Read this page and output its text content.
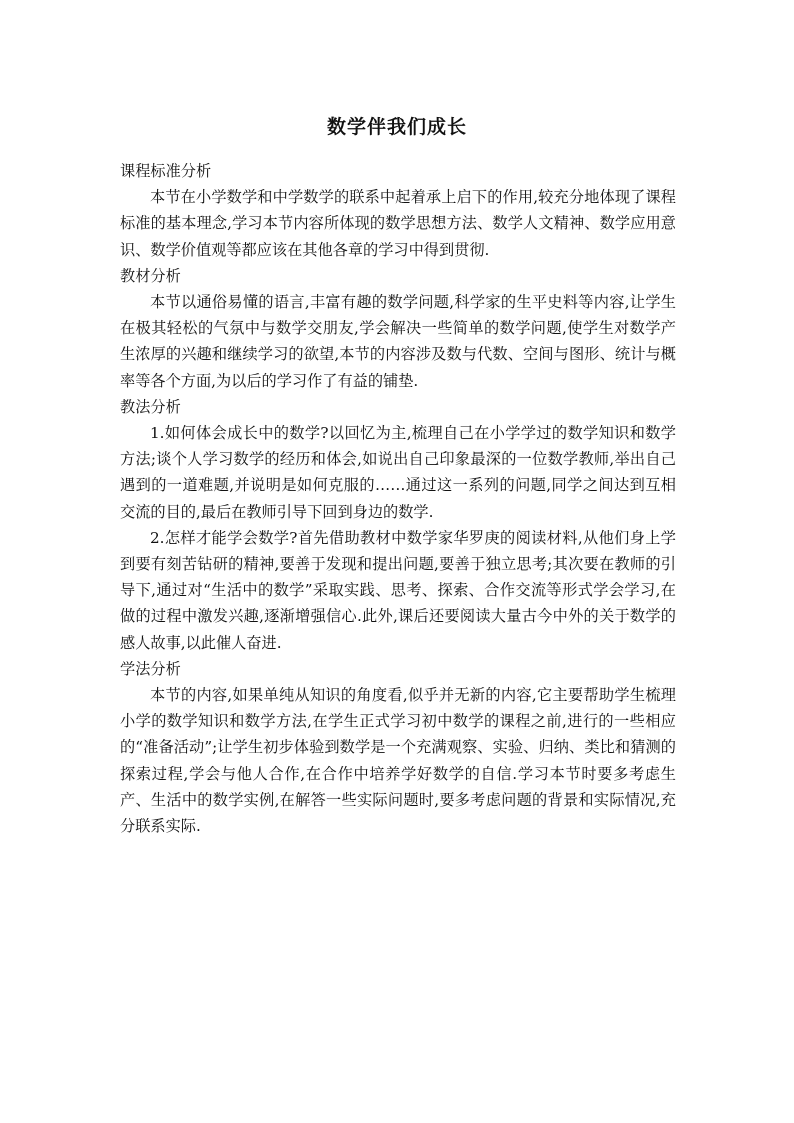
数学伴我们成长

课程标准分析

本节在小学数学和中学数学的联系中起着承上启下的作用,较充分地体现了课程标准的基本理念,学习本节内容所体现的数学思想方法、数学人文精神、数学应用意识、数学价值观等都应该在其他各章的学习中得到贯彻.

教材分析

本节以通俗易懂的语言,丰富有趣的数学问题,科学家的生平史料等内容,让学生在极其轻松的气氛中与数学交朋友,学会解决一些简单的数学问题,使学生对数学产生浓厚的兴趣和继续学习的欲望,本节的内容涉及数与代数、空间与图形、统计与概率等各个方面,为以后的学习作了有益的铺垫.

教法分析

1.如何体会成长中的数学?以回忆为主,梳理自己在小学学过的数学知识和数学方法;谈个人学习数学的经历和体会,如说出自己印象最深的一位数学教师,举出自己遇到的一道难题,并说明是如何克服的……通过这一系列的问题,同学之间达到互相交流的目的,最后在教师引导下回到身边的数学.

2.怎样才能学会数学?首先借助教材中数学家华罗庚的阅读材料,从他们身上学到要有刻苦钻研的精神,要善于发现和提出问题,要善于独立思考;其次要在教师的引导下,通过对“生活中的数学”采取实践、思考、探索、合作交流等形式学会学习,在做的过程中激发兴趣,逐渐增强信心.此外,课后还要阅读大量古今中外的关于数学的感人故事,以此催人奋进.

学法分析

本节的内容,如果单纯从知识的角度看,似乎并无新的内容,它主要帮助学生梳理小学的数学知识和数学方法,在学生正式学习初中数学的课程之前,进行的一些相应的“准备活动”;让学生初步体验到数学是一个充满观察、实验、归纳、类比和猜测的探索过程,学会与他人合作,在合作中培养学好数学的自信.学习本节时要多考虑生产、生活中的数学实例,在解答一些实际问题时,要多考虑问题的背景和实际情况,充分联系实际.
